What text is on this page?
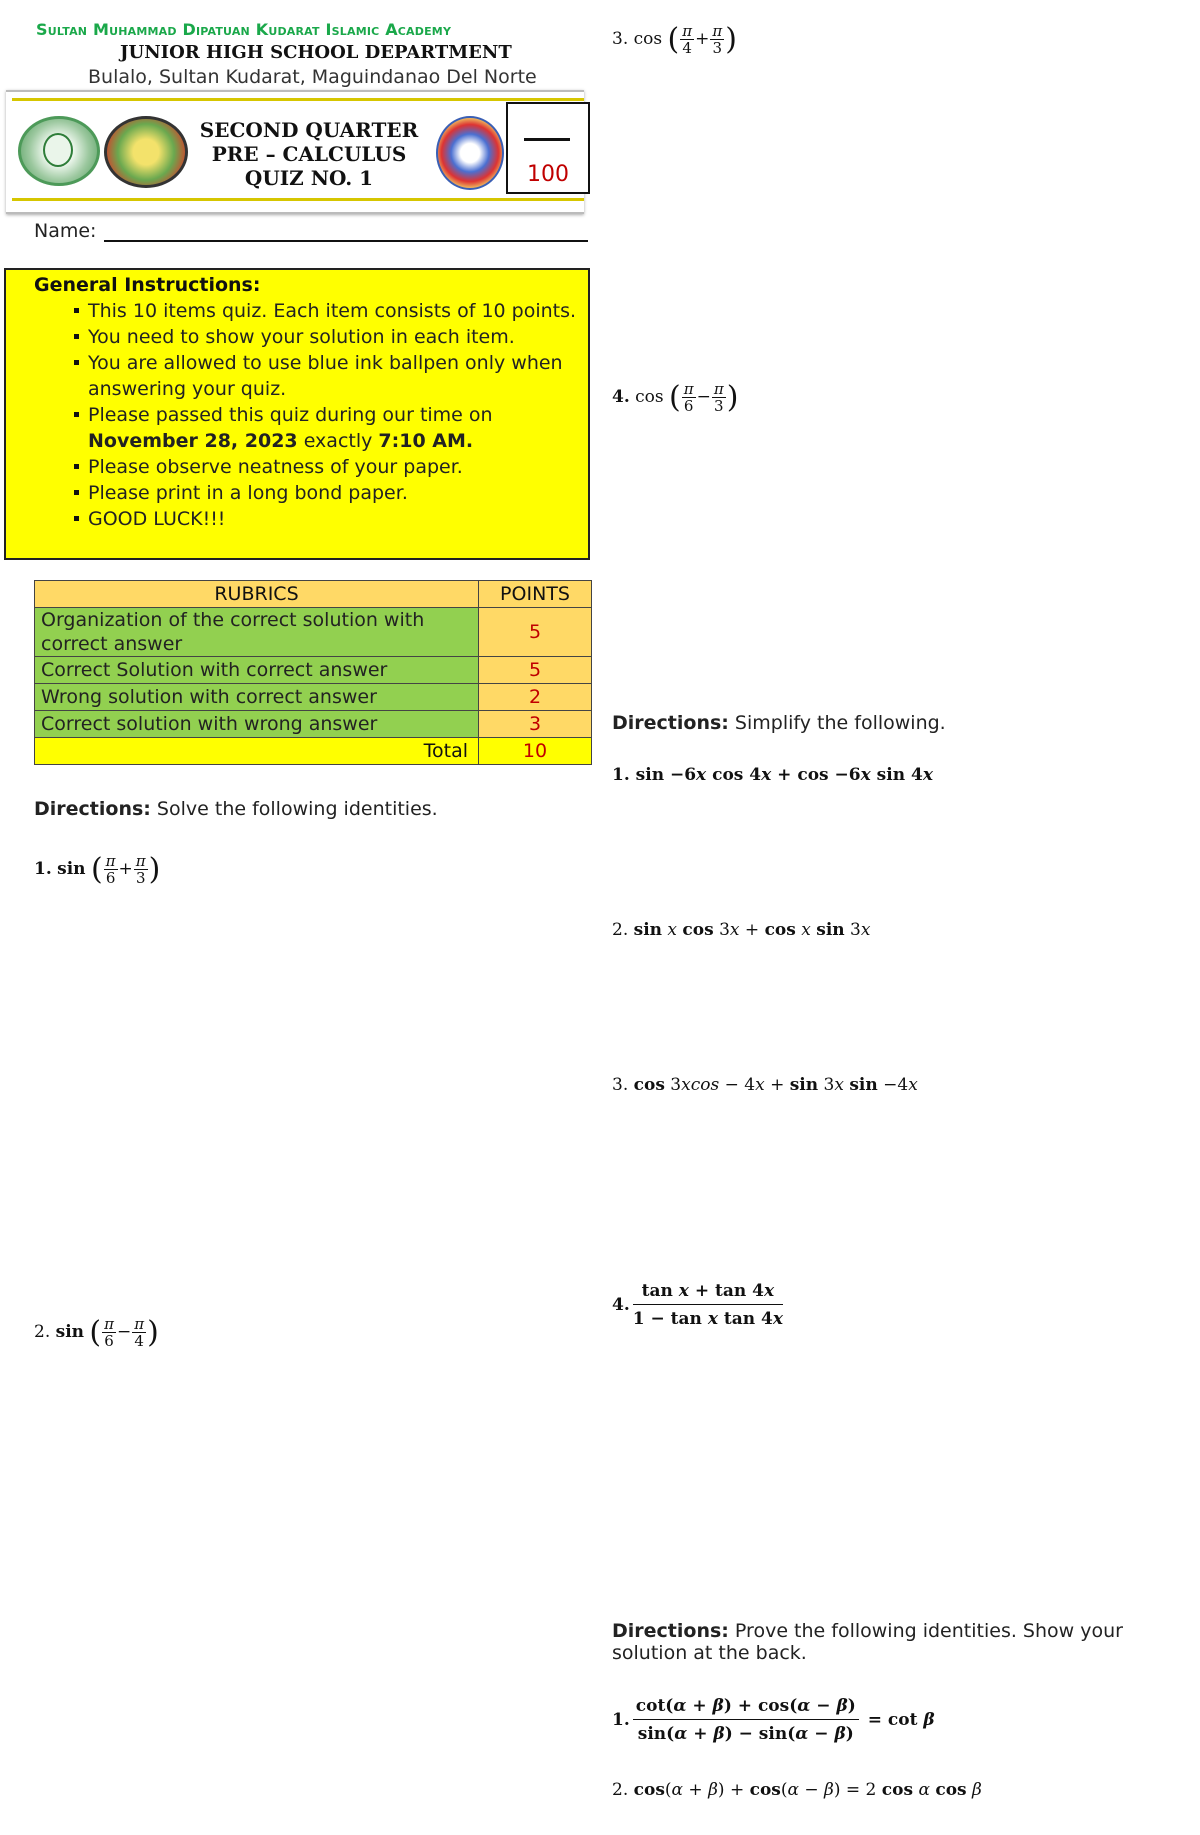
Sultan Muhammad Dipatuan Kudarat Islamic Academy
JUNIOR HIGH SCHOOL DEPARTMENT
Bulalo, Sultan Kudarat, Maguindanao Del Norte
SECOND QUARTER
PRE – CALCULUS
QUIZ NO. 1	100
Name:
General Instructions:
This 10 items quiz. Each item consists of 10 points.
You need to show your solution in each item.
You are allowed to use blue ink ballpen only when answering your quiz.
Please passed this quiz during our time on
November 28, 2023 exactly 7:10 AM.
Please observe neatness of your paper.
Please print in a long bond paper.
GOOD LUCK!!!
RUBRICS	POINTS
Organization of the correct solution with correct answer	5
Correct Solution with correct answer	5
Wrong solution with correct answer	2
Correct solution with wrong answer	3
Total	10
Directions: Solve the following identities.
1. sin ( $\frac{\pi}{6} + \frac{\pi}{3}$ )
2. sin ( $\frac{\pi}{6} - \frac{\pi}{4}$ )
3. cos ( $\frac{\pi}{4} + \frac{\pi}{3}$ )
4. cos ( $\frac{\pi}{6} - \frac{\pi}{3}$ )
Directions: Simplify the following.
1. sin −6x cos 4x + cos −6x sin 4x
2. sin x cos 3x + cos x sin 3x
3. cos 3xcos − 4x + sin 3x sin −4x
4. $\frac{\text{tan x + tan 4x}}{\text{1 − tan x tan 4x}}$
Directions: Prove the following identities. Show your solution at the back.
1. $\frac{\cot(\alpha + \beta) + \cos(\alpha - \beta)}{\sin(\alpha + \beta) - \sin(\alpha - \beta)} = \cot \beta$
2. cos(α + β) + cos(α − β) = 2 cos α cos β
